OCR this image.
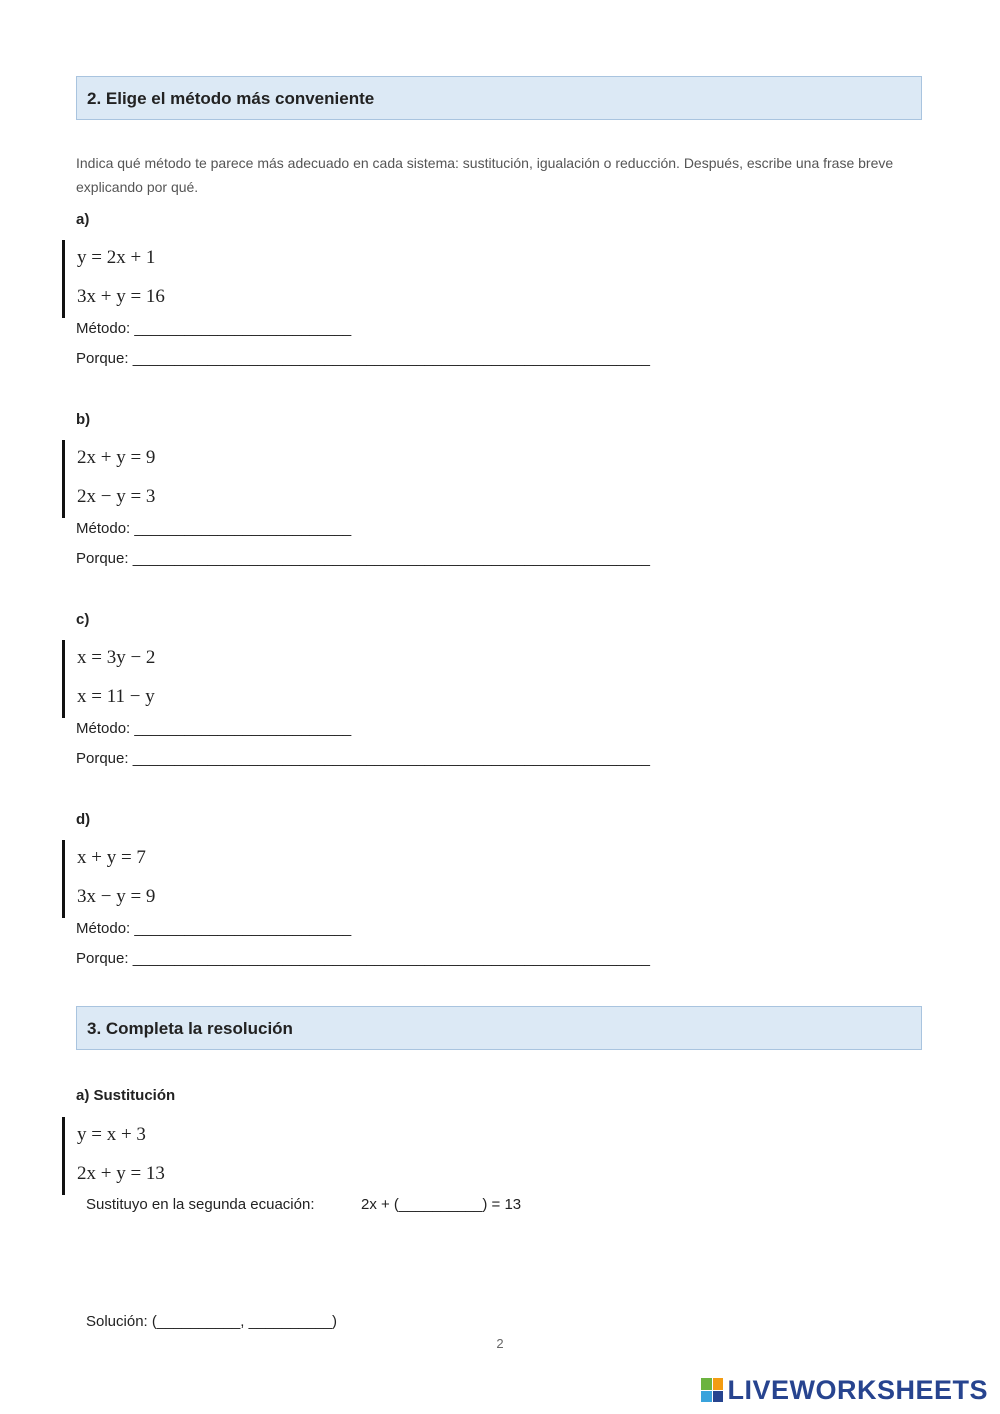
2. Elige el método más conveniente
Indica qué método te parece más adecuado en cada sistema: sustitución, igualación o reducción. Después, escribe una frase breve explicando por qué.
a)
y = 2x + 1
3x + y = 16
Método: __________________________
Porque: ______________________________________________________________
b)
2x + y = 9
2x − y = 3
Método: __________________________
Porque: ______________________________________________________________
c)
x = 3y − 2
x = 11 − y
Método: __________________________
Porque: ______________________________________________________________
d)
x + y = 7
3x − y = 9
Método: __________________________
Porque: ______________________________________________________________
3. Completa la resolución
a) Sustitución
y = x + 3
2x + y = 13
Sustituyo en la segunda ecuación:	2x + (__________) = 13
Solución: (__________, __________)
2
LIVEWORKSHEETS
